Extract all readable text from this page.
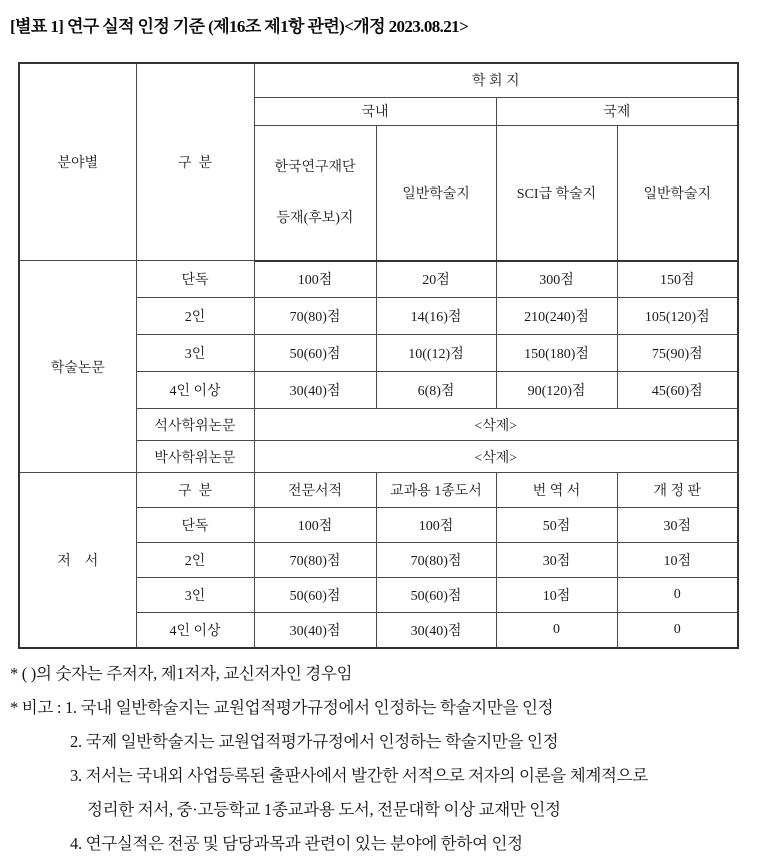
[별표 1] 연구 실적 인정 기준 (제16조 제1항 관련)<개정 2023.08.21>
분야별	구  분	학 회 지			
		국내		국제	

		한국연구재단

등재(후보)지	일반학술지	SCI급 학술지	일반학술지
학술논문	단독	100점	20점	300점	150점
	2인	70(80)점	14(16)점	210(240)점	105(120)점
	3인	50(60)점	10((12)점	150(180)점	75(90)점
	4인 이상	30(40)점	6(8)점	90(120)점	45(60)점
	석사학위논문	<삭제>			
	박사학위논문	<삭제>			
저    서	구  분	전문서적	교과용 1종도서	번 역 서	개 정 판
	단독	100점	100점	50점	30점
	2인	70(80)점	70(80)점	30점	10점
	3인	50(60)점	50(60)점	10점	0
	4인 이상	30(40)점	30(40)점	0	0

* ( )의 숫자는 주저자, 제1저자, 교신저자인 경우임

* 비고 : 1. 국내 일반학술지는 교원업적평가규정에서 인정하는 학술지만을 인정

2. 국제 일반학술지는 교원업적평가규정에서 인정하는 학술지만을 인정

3. 저서는 국내외 사업등록된 출판사에서 발간한 서적으로 저자의 이론을 체계적으로

정리한 저서, 중·고등학교 1종교과용 도서, 전문대학 이상 교재만 인정

4. 연구실적은 전공 및 담당과목과 관련이 있는 분야에 한하여 인정
